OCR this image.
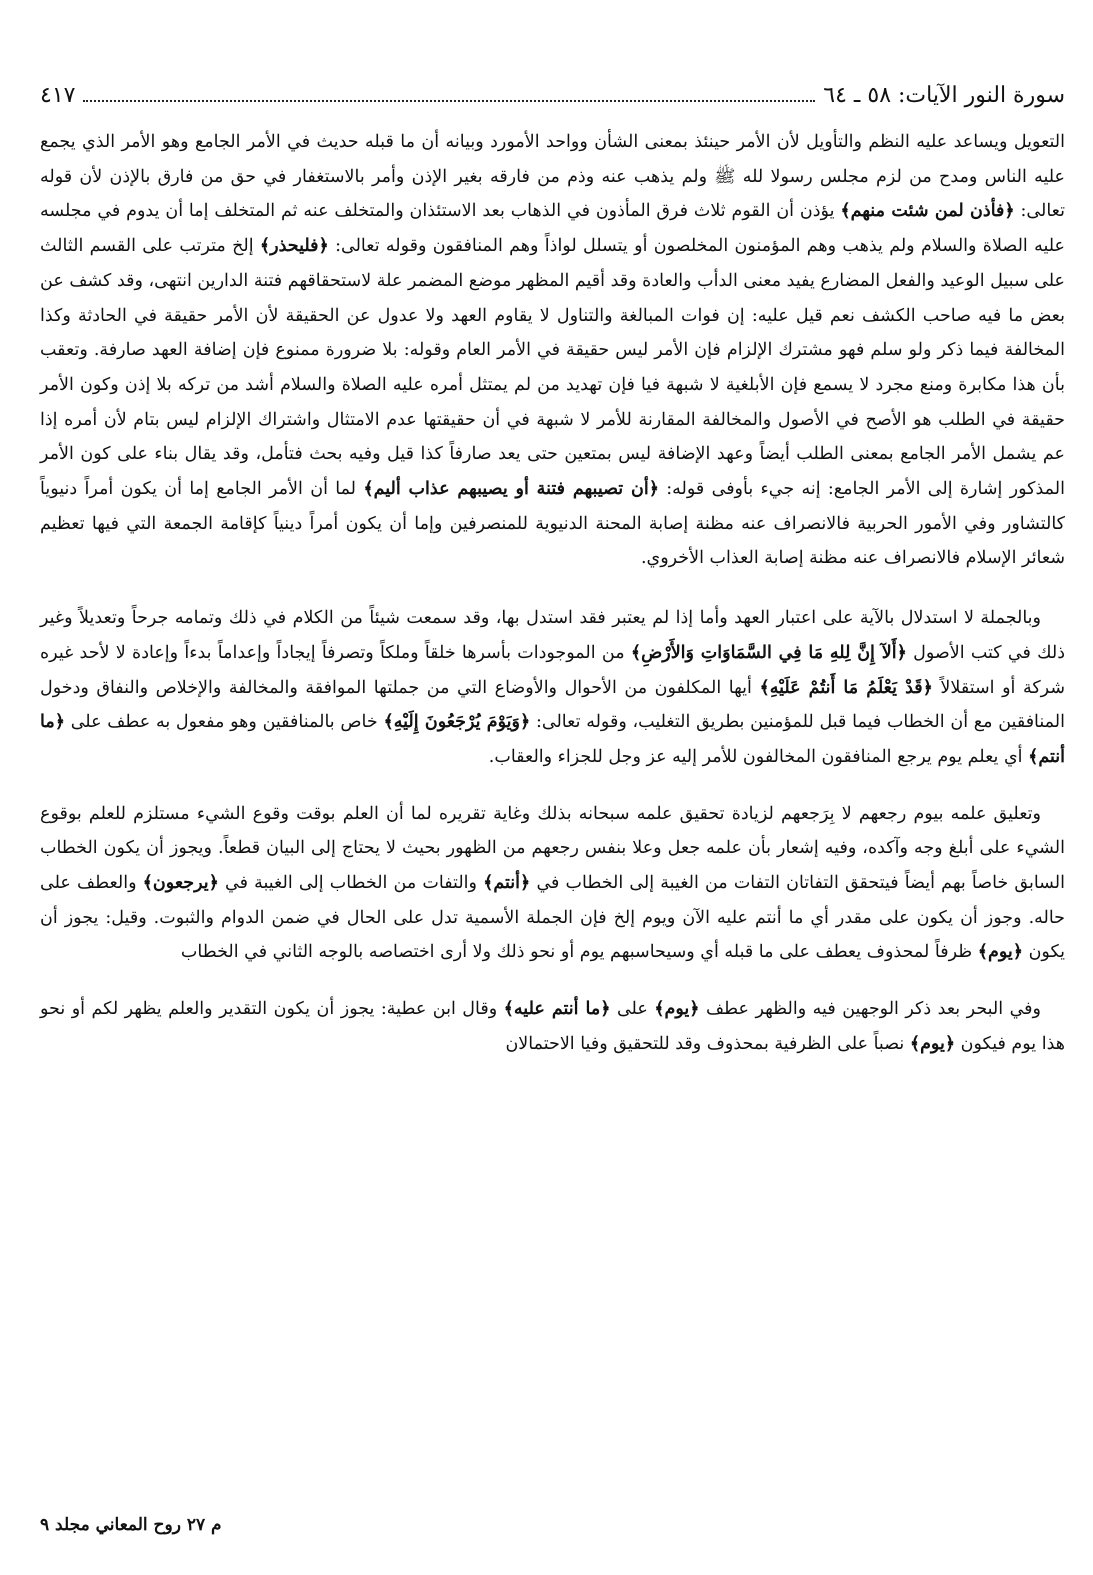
سورة النور الآيات: ٥٨ ـ ٦٤
٤١٧

التعويل ويساعد عليه النظم والتأويل لأن الأمر حينئذ بمعنى الشأن وواحد الأمورد وبيانه أن ما قبله حديث في الأمر الجامع وهو الأمر الذي يجمع عليه الناس ومدح من لزم مجلس رسولا لله ﷺ ولم يذهب عنه وذم من فارقه بغير الإذن وأمر بالاستغفار في حق من فارق بالإذن لأن قوله تعالى: ﴿فأذن لمن شئت منهم﴾ يؤذن أن القوم ثلاث فرق المأذون في الذهاب بعد الاستئذان والمتخلف عنه ثم المتخلف إما أن يدوم في مجلسه عليه الصلاة والسلام ولم يذهب وهم المؤمنون المخلصون أو يتسلل لواذاً وهم المنافقون وقوله تعالى: ﴿فليحذر﴾ إلخ مترتب على القسم الثالث على سبيل الوعيد والفعل المضارع يفيد معنى الدأب والعادة وقد أقيم المظهر موضع المضمر علة لاستحقاقهم فتنة الدارين انتهى، وقد كشف عن بعض ما فيه صاحب الكشف نعم قيل عليه: إن فوات المبالغة والتناول لا يقاوم العهد ولا عدول عن الحقيقة لأن الأمر حقيقة في الحادثة وكذا المخالفة فيما ذكر ولو سلم فهو مشترك الإلزام فإن الأمر ليس حقيقة في الأمر العام وقوله: بلا ضرورة ممنوع فإن إضافة العهد صارفة. وتعقب بأن هذا مكابرة ومنع مجرد لا يسمع فإن الأبلغية لا شبهة فيا فإن تهديد من لم يمتثل أمره عليه الصلاة والسلام أشد من تركه بلا إذن وكون الأمر حقيقة في الطلب هو الأصح في الأصول والمخالفة المقارنة للأمر لا شبهة في أن حقيقتها عدم الامتثال واشتراك الإلزام ليس بتام لأن أمره إذا عم يشمل الأمر الجامع بمعنى الطلب أيضاً وعهد الإضافة ليس بمتعين حتى يعد صارفاً كذا قيل وفيه بحث فتأمل، وقد يقال بناء على كون الأمر المذكور إشارة إلى الأمر الجامع: إنه جيء بأوفى قوله: ﴿أن تصيبهم فتنة أو يصيبهم عذاب أليم﴾ لما أن الأمر الجامع إما أن يكون أمراً دنيوياً كالتشاور وفي الأمور الحربية فالانصراف عنه مظنة إصابة المحنة الدنيوية للمنصرفين وإما أن يكون أمراً دينياً كإقامة الجمعة التي فيها تعظيم شعائر الإسلام فالانصراف عنه مظنة إصابة العذاب الأخروي.

وبالجملة لا استدلال بالآية على اعتبار العهد وأما إذا لم يعتبر فقد استدل بها، وقد سمعت شيئاً من الكلام في ذلك وتمامه جرحاً وتعديلاً وغير ذلك في كتب الأصول ﴿أَلآ إِنَّ لِلهِ مَا فِي السَّمَاوَاتِ وَالأَرْضِ﴾ من الموجودات بأسرها خلقاً وملكاً وتصرفاً إيجاداً وإعداماً بدءاً وإعادة لا لأحد غيره شركة أو استقلالاً ﴿قَدْ يَعْلَمُ مَا أَنتُمْ عَلَيْهِ﴾ أيها المكلفون من الأحوال والأوضاع التي من جملتها الموافقة والمخالفة والإخلاص والنفاق ودخول المنافقين مع أن الخطاب فيما قبل للمؤمنين بطريق التغليب، وقوله تعالى: ﴿وَيَوْمَ يُرْجَعُونَ إِلَيْهِ﴾ خاص بالمنافقين وهو مفعول به عطف على ﴿ما أنتم﴾ أي يعلم يوم يرجع المنافقون المخالفون للأمر إليه عز وجل للجزاء والعقاب.

وتعليق علمه بيوم رجعهم لا بِرَجعهم لزيادة تحقيق علمه سبحانه بذلك وغاية تقريره لما أن العلم بوقت وقوع الشيء مستلزم للعلم بوقوع الشيء على أبلغ وجه وآكده، وفيه إشعار بأن علمه جعل وعلا بنفس رجعهم من الظهور بحيث لا يحتاج إلى البيان قطعاً. ويجوز أن يكون الخطاب السابق خاصاً بهم أيضاً فيتحقق التفاتان التفات من الغيبة إلى الخطاب في ﴿أنتم﴾ والتفات من الخطاب إلى الغيبة في ﴿يرجعون﴾ والعطف على حاله. وجوز أن يكون على مقدر أي ما أنتم عليه الآن ويوم إلخ فإن الجملة الأسمية تدل على الحال في ضمن الدوام والثبوت. وقيل: يجوز أن يكون ﴿يوم﴾ ظرفاً لمحذوف يعطف على ما قبله أي وسيحاسبهم يوم أو نحو ذلك ولا أرى اختصاصه بالوجه الثاني في الخطاب

وفي البحر بعد ذكر الوجهين فيه والظهر عطف ﴿يوم﴾ على ﴿ما أنتم عليه﴾ وقال ابن عطية: يجوز أن يكون التقدير والعلم يظهر لكم أو نحو هذا يوم فيكون ﴿يوم﴾ نصباً على الظرفية بمحذوف وقد للتحقيق وفيا الاحتمالان

م ٢٧ روح المعاني مجلد ٩
